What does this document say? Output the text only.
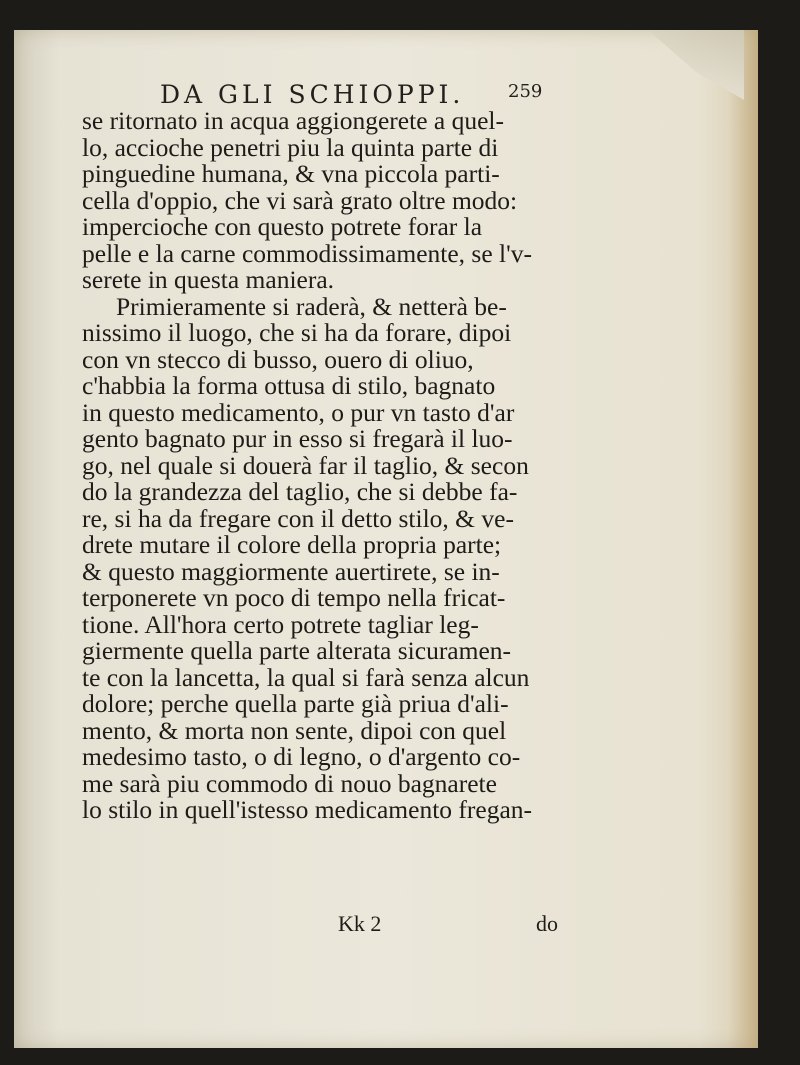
DA GLI SCHIOPPI.	259
se ritornato in acqua aggiongerete a quel-
lo, accioche penetri piu la quinta parte di
pinguedine humana, & vna piccola parti-
cella d'oppio, che vi sarà grato oltre modo:
impercioche con questo potrete forar la
pelle e la carne commodissimamente, se l'v-
serete in questa maniera.
Primieramente si raderà, & netterà be-
nissimo il luogo, che si ha da forare, dipoi
con vn stecco di busso, ouero di oliuo,
c'habbia la forma ottusa di stilo, bagnato
in questo medicamento, o pur vn tasto d'ar
gento bagnato pur in esso si fregarà il luo-
go, nel quale si douerà far il taglio, & secon
do la grandezza del taglio, che si debbe fa-
re, si ha da fregare con il detto stilo, & ve-
drete mutare il colore della propria parte;
& questo maggiormente auertirete, se in-
terponerete vn poco di tempo nella fricat-
tione. All'hora certo potrete tagliar leg-
giermente quella parte alterata sicuramen-
te con la lancetta, la qual si farà senza alcun
dolore; perche quella parte già priua d'ali-
mento, & morta non sente, dipoi con quel
medesimo tasto, o di legno, o d'argento co-
me sarà piu commodo di nouo bagnarete
lo stilo in quell'istesso medicamento fregan-
Kk 2	do
